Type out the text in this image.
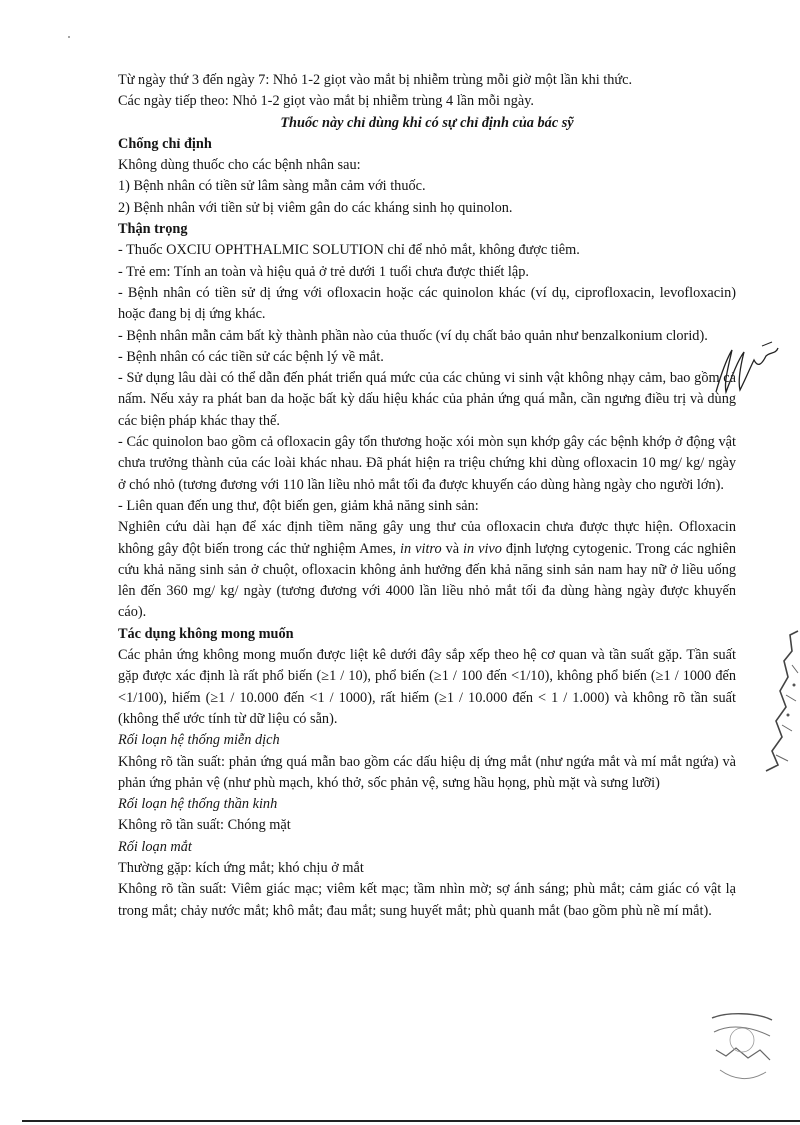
Từ ngày thứ 3 đến ngày 7: Nhỏ 1-2 giọt vào mắt bị nhiễm trùng mỗi giờ một lần khi thức.

Các ngày tiếp theo: Nhỏ 1-2 giọt vào mắt bị nhiễm trùng 4 lần mỗi ngày.

Thuốc này chỉ dùng khi có sự chỉ định của bác sỹ

Chống chỉ định

Không dùng thuốc cho các bệnh nhân sau:

1) Bệnh nhân có tiền sử lâm sàng mẫn cảm với thuốc.

2) Bệnh nhân với tiền sử bị viêm gân do các kháng sinh họ quinolon.

Thận trọng

- Thuốc OXCIU OPHTHALMIC SOLUTION chỉ để nhỏ mắt, không được tiêm.

- Trẻ em: Tính an toàn và hiệu quả ở trẻ dưới 1 tuổi chưa được thiết lập.

- Bệnh nhân có tiền sử dị ứng với ofloxacin hoặc các quinolon khác (ví dụ, ciprofloxacin, levofloxacin) hoặc đang bị dị ứng khác.

- Bệnh nhân mẫn cảm bất kỳ thành phần nào của thuốc (ví dụ chất bảo quản như benzalkonium clorid).

- Bệnh nhân có các tiền sử các bệnh lý về mắt.

- Sử dụng lâu dài có thể dẫn đến phát triển quá mức của các chủng vi sinh vật không nhạy cảm, bao gồm cả nấm. Nếu xảy ra phát ban da hoặc bất kỳ dấu hiệu khác của phản ứng quá mẫn, cần ngưng điều trị và dùng các biện pháp khác thay thế.

- Các quinolon bao gồm cả ofloxacin gây tổn thương hoặc xói mòn sụn khớp gây các bệnh khớp ở động vật chưa trưởng thành của các loài khác nhau. Đã phát hiện ra triệu chứng khi dùng ofloxacin 10 mg/ kg/ ngày ở chó nhỏ (tương đương với 110 lần liều nhỏ mắt tối đa được khuyến cáo dùng hàng ngày cho người lớn).

- Liên quan đến ung thư, đột biến gen, giảm khả năng sinh sản:

Nghiên cứu dài hạn để xác định tiềm năng gây ung thư của ofloxacin chưa được thực hiện. Ofloxacin không gây đột biến trong các thử nghiệm Ames, in vitro và in vivo định lượng cytogenic. Trong các nghiên cứu khả năng sinh sản ở chuột, ofloxacin không ảnh hưởng đến khả năng sinh sản nam hay nữ ở liều uống lên đến 360 mg/ kg/ ngày (tương đương với 4000 lần liều nhỏ mắt tối đa dùng hàng ngày được khuyến cáo).

Tác dụng không mong muốn

Các phản ứng không mong muốn được liệt kê dưới đây sắp xếp theo hệ cơ quan và tần suất gặp. Tần suất gặp được xác định là rất phổ biến (≥1 / 10), phổ biến (≥1 / 100 đến <1/10), không phổ biến (≥1 / 1000 đến <1/100), hiếm (≥1 / 10.000 đến <1 / 1000), rất hiếm (≥1 / 10.000 đến < 1 / 1.000) và không rõ tần suất (không thể ước tính từ dữ liệu có sẵn).

Rối loạn hệ thống miễn dịch

Không rõ tần suất: phản ứng quá mẫn bao gồm các dấu hiệu dị ứng mắt (như ngứa mắt và mí mắt ngứa) và phản ứng phản vệ (như phù mạch, khó thở, sốc phản vệ, sưng hầu họng, phù mặt và sưng lưỡi)

Rối loạn hệ thống thần kinh

Không rõ tần suất: Chóng mặt

Rối loạn mắt

Thường gặp: kích ứng mắt; khó chịu ở mắt

Không rõ tần suất: Viêm giác mạc; viêm kết mạc; tầm nhìn mờ; sợ ánh sáng; phù mắt; cảm giác có vật lạ trong mắt; chảy nước mắt; khô mắt; đau mắt; sung huyết mắt; phù quanh mắt (bao gồm phù nề mí mắt).
